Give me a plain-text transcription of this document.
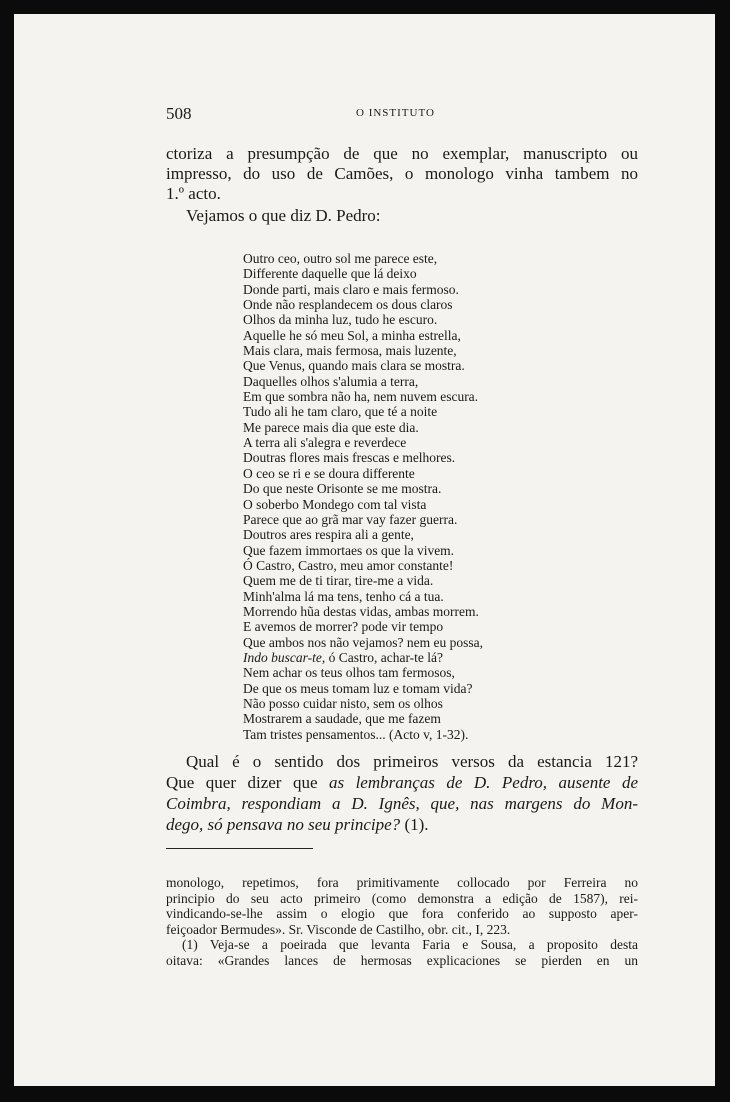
508	O INSTITUTO
ctoriza a presumpção de que no exemplar, manuscripto ou
impresso, do uso de Camões, o monologo vinha tambem no
1.º acto.
Vejamos o que diz D. Pedro:
Outro ceo, outro sol me parece este,
Differente daquelle que lá deixo
Donde parti, mais claro e mais fermoso.
Onde não resplandecem os dous claros
Olhos da minha luz, tudo he escuro.
Aquelle he só meu Sol, a minha estrella,
Mais clara, mais fermosa, mais luzente,
Que Venus, quando mais clara se mostra.
Daquelles olhos s'alumia a terra,
Em que sombra não ha, nem nuvem escura.
Tudo ali he tam claro, que té a noite
Me parece mais dia que este dia.
A terra ali s'alegra e reverdece
Doutras flores mais frescas e melhores.
O ceo se ri e se doura differente
Do que neste Orisonte se me mostra.
O soberbo Mondego com tal vista
Parece que ao grã mar vay fazer guerra.
Doutros ares respira ali a gente,
Que fazem immortaes os que la vivem.
Ó Castro, Castro, meu amor constante!
Quem me de ti tirar, tire-me a vida.
Minh'alma lá ma tens, tenho cá a tua.
Morrendo hũa destas vidas, ambas morrem.
E avemos de morrer? pode vir tempo
Que ambos nos não vejamos? nem eu possa,
Indo buscar-te, ó Castro, achar-te lá?
Nem achar os teus olhos tam fermosos,
De que os meus tomam luz e tomam vida?
Não posso cuidar nisto, sem os olhos
Mostrarem a saudade, que me fazem
Tam tristes pensamentos... (Acto v, 1-32).
Qual é o sentido dos primeiros versos da estancia 121?
Que quer dizer que as lembranças de D. Pedro, ausente de
Coimbra, respondiam a D. Ignês, que, nas margens do Mon-
dego, só pensava no seu principe? (1).
monologo, repetimos, fora primitivamente collocado por Ferreira no
principio do seu acto primeiro (como demonstra a edição de 1587), rei-
vindicando-se-lhe assim o elogio que fora conferido ao supposto aper-
feiçoador Bermudes». Sr. Visconde de Castilho, obr. cit., I, 223.
(1) Veja-se a poeirada que levanta Faria e Sousa, a proposito desta
oitava: «Grandes lances de hermosas explicaciones se pierden en un
